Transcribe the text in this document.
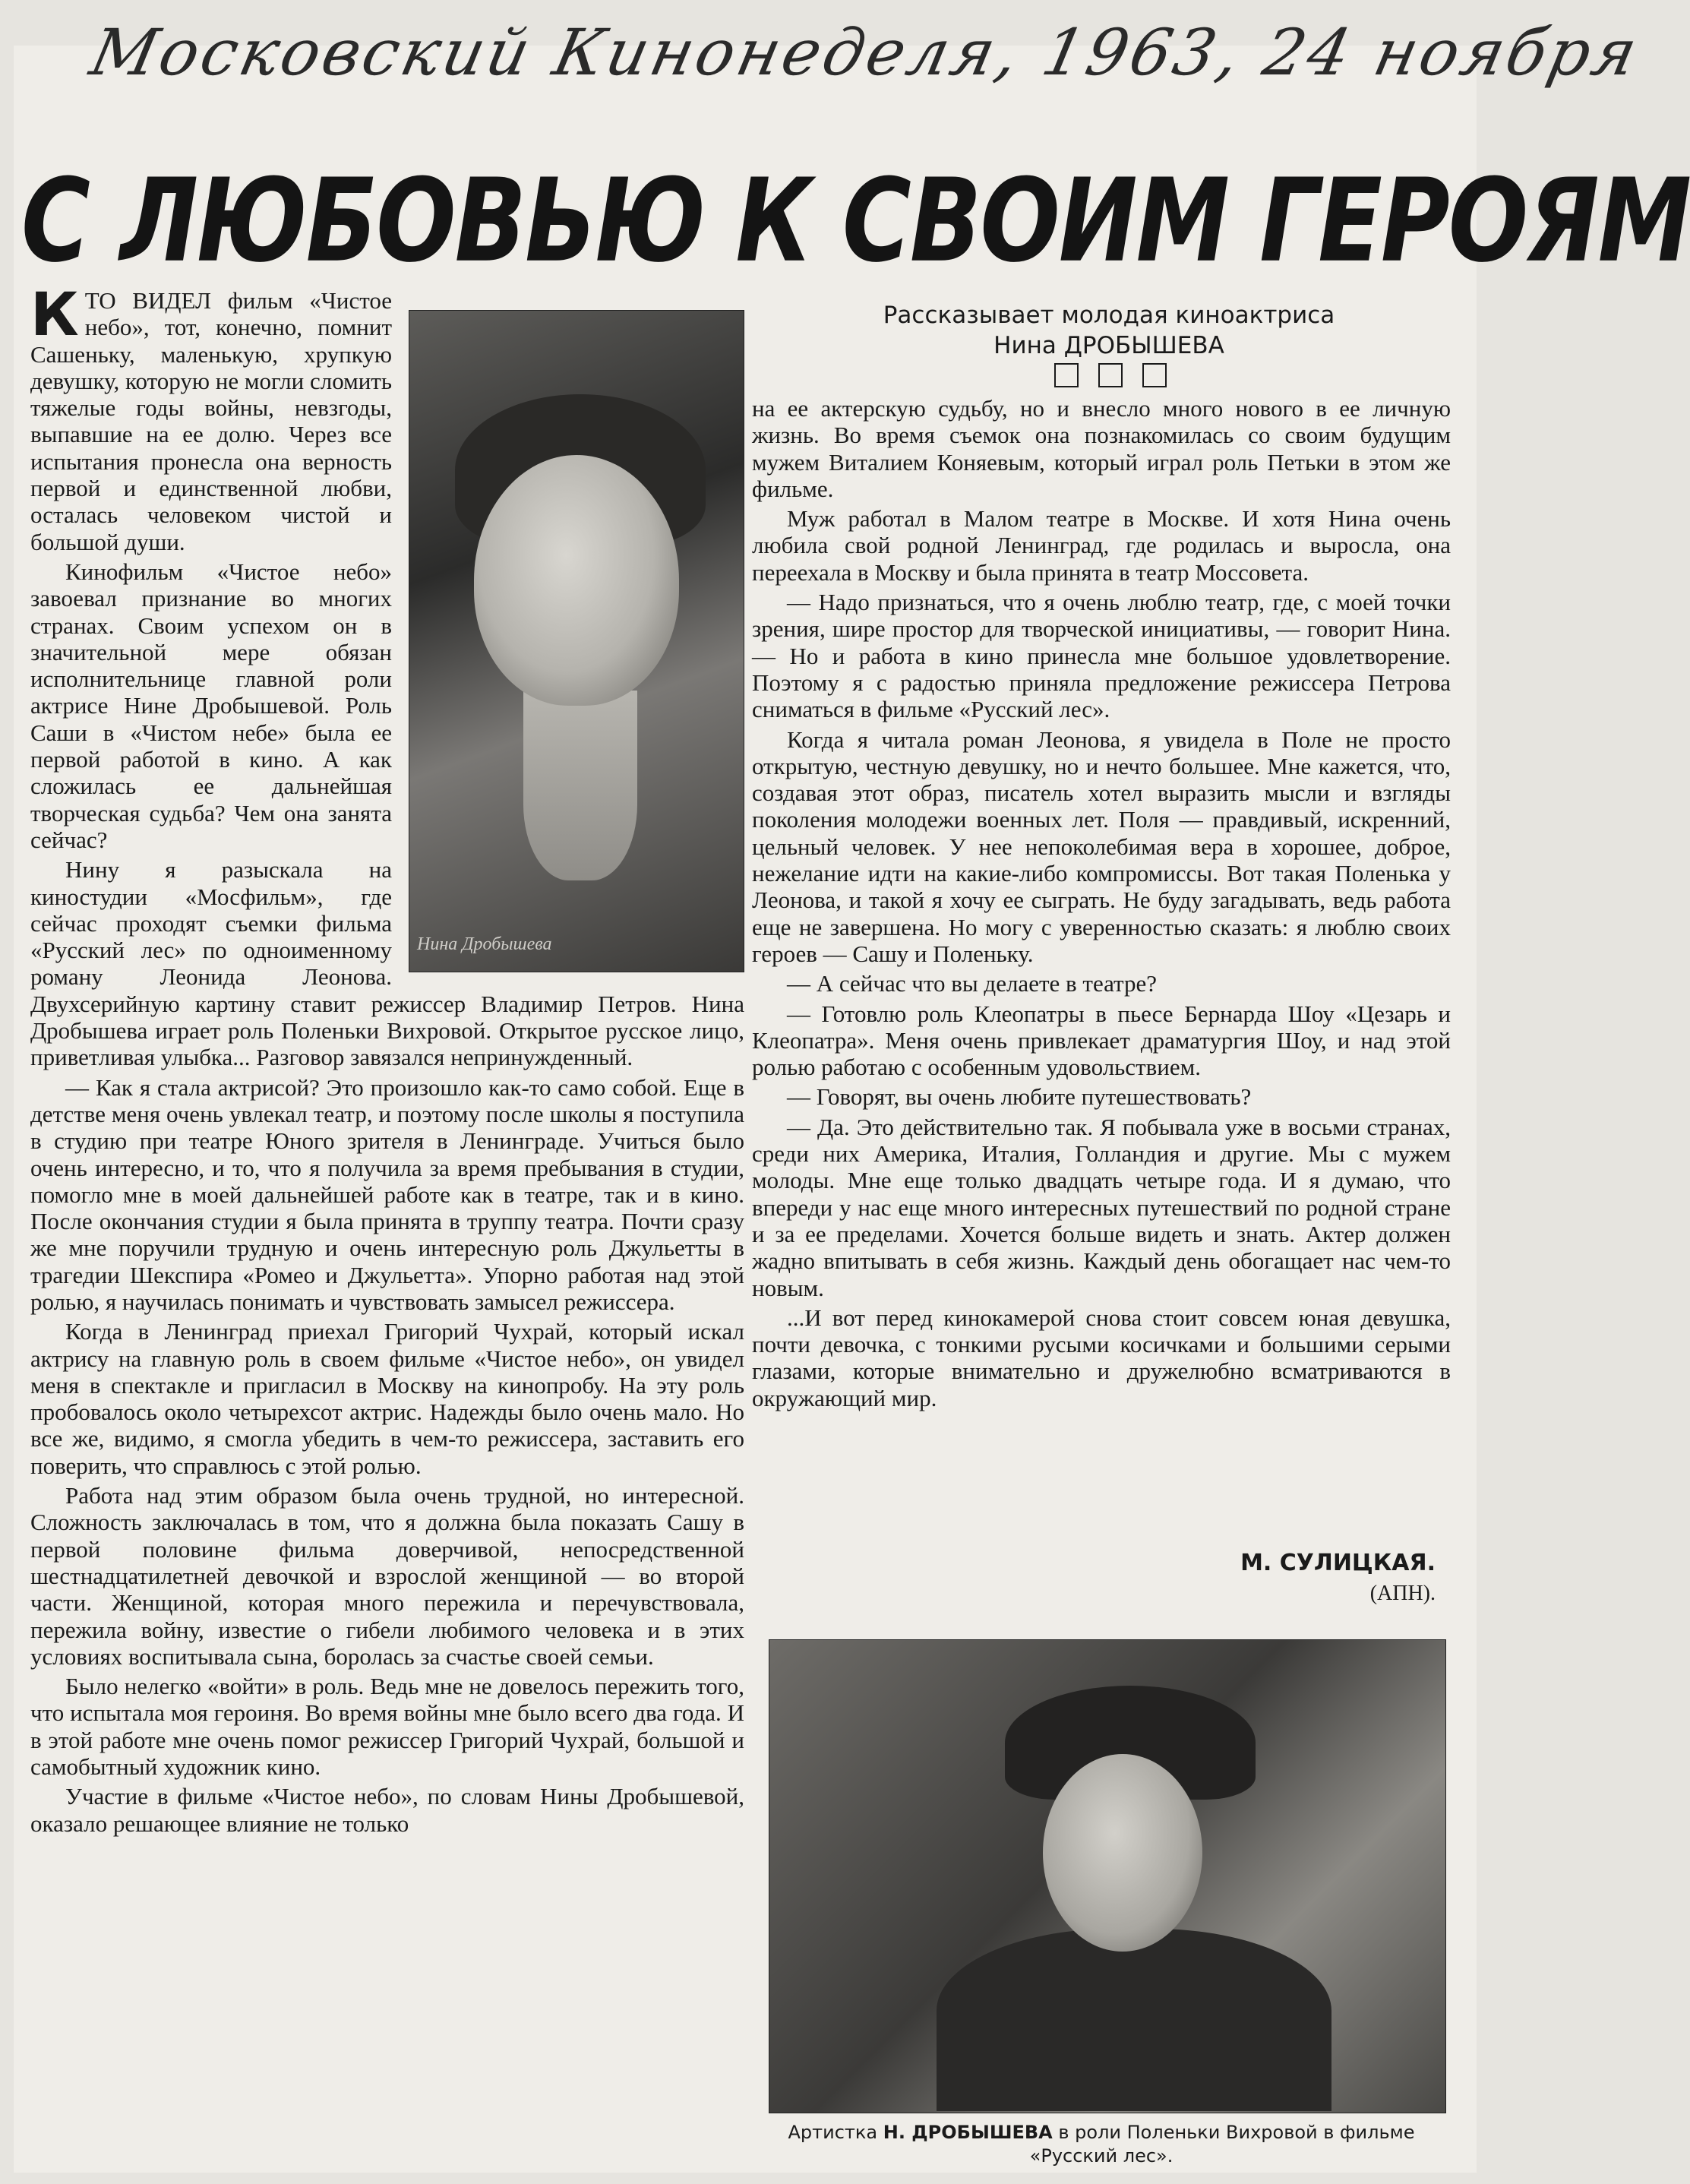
Московский Кинонеделя, 1963, 24 ноября
С ЛЮБОВЬЮ К СВОИМ ГЕРОЯМ
Нина Дробышева

КТО ВИДЕЛ фильм «Чистое небо», тот, конечно, помнит Сашеньку, маленькую, хрупкую девушку, которую не могли сломить тяжелые годы войны, невзгоды, выпавшие на ее долю. Через все испытания пронесла она верность первой и единственной любви, осталась человеком чистой и большой души.

Кинофильм «Чистое небо» завоевал признание во многих странах. Своим успехом он в значительной мере обязан исполнительнице главной роли актрисе Нине Дробышевой. Роль Саши в «Чистом небе» была ее первой работой в кино. А как сложилась ее дальнейшая творческая судьба? Чем она занята сейчас?

Нину я разыскала на киностудии «Мосфильм», где сейчас проходят съемки фильма «Русский лес» по одноименному роману Леонида Леонова. Двухсерийную картину ставит режиссер Владимир Петров. Нина Дробышева играет роль Поленьки Вихровой. Открытое русское лицо, приветливая улыбка... Разговор завязался непринужденный.

— Как я стала актрисой? Это произошло как-то само собой. Еще в детстве меня очень увлекал театр, и поэтому после школы я поступила в студию при театре Юного зрителя в Ленинграде. Учиться было очень интересно, и то, что я получила за время пребывания в студии, помогло мне в моей дальнейшей работе как в театре, так и в кино. После окончания студии я была принята в труппу театра. Почти сразу же мне поручили трудную и очень интересную роль Джульетты в трагедии Шекспира «Ромео и Джульетта». Упорно работая над этой ролью, я научилась понимать и чувствовать замысел режиссера.

Когда в Ленинград приехал Григорий Чухрай, который искал актрису на главную роль в своем фильме «Чистое небо», он увидел меня в спектакле и пригласил в Москву на кинопробу. На эту роль пробовалось около четырехсот актрис. Надежды было очень мало. Но все же, видимо, я смогла убедить в чем-то режиссера, заставить его поверить, что справлюсь с этой ролью.

Работа над этим образом была очень трудной, но интересной. Сложность заключалась в том, что я должна была показать Сашу в первой половине фильма доверчивой, непосредственной шестнадцатилетней девочкой и взрослой женщиной — во второй части. Женщиной, которая много пережила и перечувствовала, пережила войну, известие о гибели любимого человека и в этих условиях воспитывала сына, боролась за счастье своей семьи.

Было нелегко «войти» в роль. Ведь мне не довелось пережить того, что испытала моя героиня. Во время войны мне было всего два года. И в этой работе мне очень помог режиссер Григорий Чухрай, большой и самобытный художник кино.

Участие в фильме «Чистое небо», по словам Нины Дробышевой, оказало решающее влияние не только

Рассказывает молодая киноактриса
Нина ДРОБЫШЕВА

на ее актерскую судьбу, но и внесло много нового в ее личную жизнь. Во время съемок она познакомилась со своим будущим мужем Виталием Коняевым, который играл роль Петьки в этом же фильме.

Муж работал в Малом театре в Москве. И хотя Нина очень любила свой родной Ленинград, где родилась и выросла, она переехала в Москву и была принята в театр Моссовета.

— Надо признаться, что я очень люблю театр, где, с моей точки зрения, шире простор для творческой инициативы, — говорит Нина. — Но и работа в кино принесла мне большое удовлетворение. Поэтому я с радостью приняла предложение режиссера Петрова сниматься в фильме «Русский лес».

Когда я читала роман Леонова, я увидела в Поле не просто открытую, честную девушку, но и нечто большее. Мне кажется, что, создавая этот образ, писатель хотел выразить мысли и взгляды поколения молодежи военных лет. Поля — правдивый, искренний, цельный человек. У нее непоколебимая вера в хорошее, доброе, нежелание идти на какие-либо компромиссы. Вот такая Поленька у Леонова, и такой я хочу ее сыграть. Не буду загадывать, ведь работа еще не завершена. Но могу с уверенностью сказать: я люблю своих героев — Сашу и Поленьку.

— А сейчас что вы делаете в театре?

— Готовлю роль Клеопатры в пьесе Бернарда Шоу «Цезарь и Клеопатра». Меня очень привлекает драматургия Шоу, и над этой ролью работаю с особенным удовольствием.

— Говорят, вы очень любите путешествовать?

— Да. Это действительно так. Я побывала уже в восьми странах, среди них Америка, Италия, Голландия и другие. Мы с мужем молоды. Мне еще только двадцать четыре года. И я думаю, что впереди у нас еще много интересных путешествий по родной стране и за ее пределами. Хочется больше видеть и знать. Актер должен жадно впитывать в себя жизнь. Каждый день обогащает нас чем-то новым.

...И вот перед кинокамерой снова стоит совсем юная девушка, почти девочка, с тонкими русыми косичками и большими серыми глазами, которые внимательно и дружелюбно всматриваются в окружающий мир.

М. СУЛИЦКАЯ.
(АПН).
Артистка Н. ДРОБЫШЕВА в роли Поленьки Вихровой в фильме «Русский лес».
